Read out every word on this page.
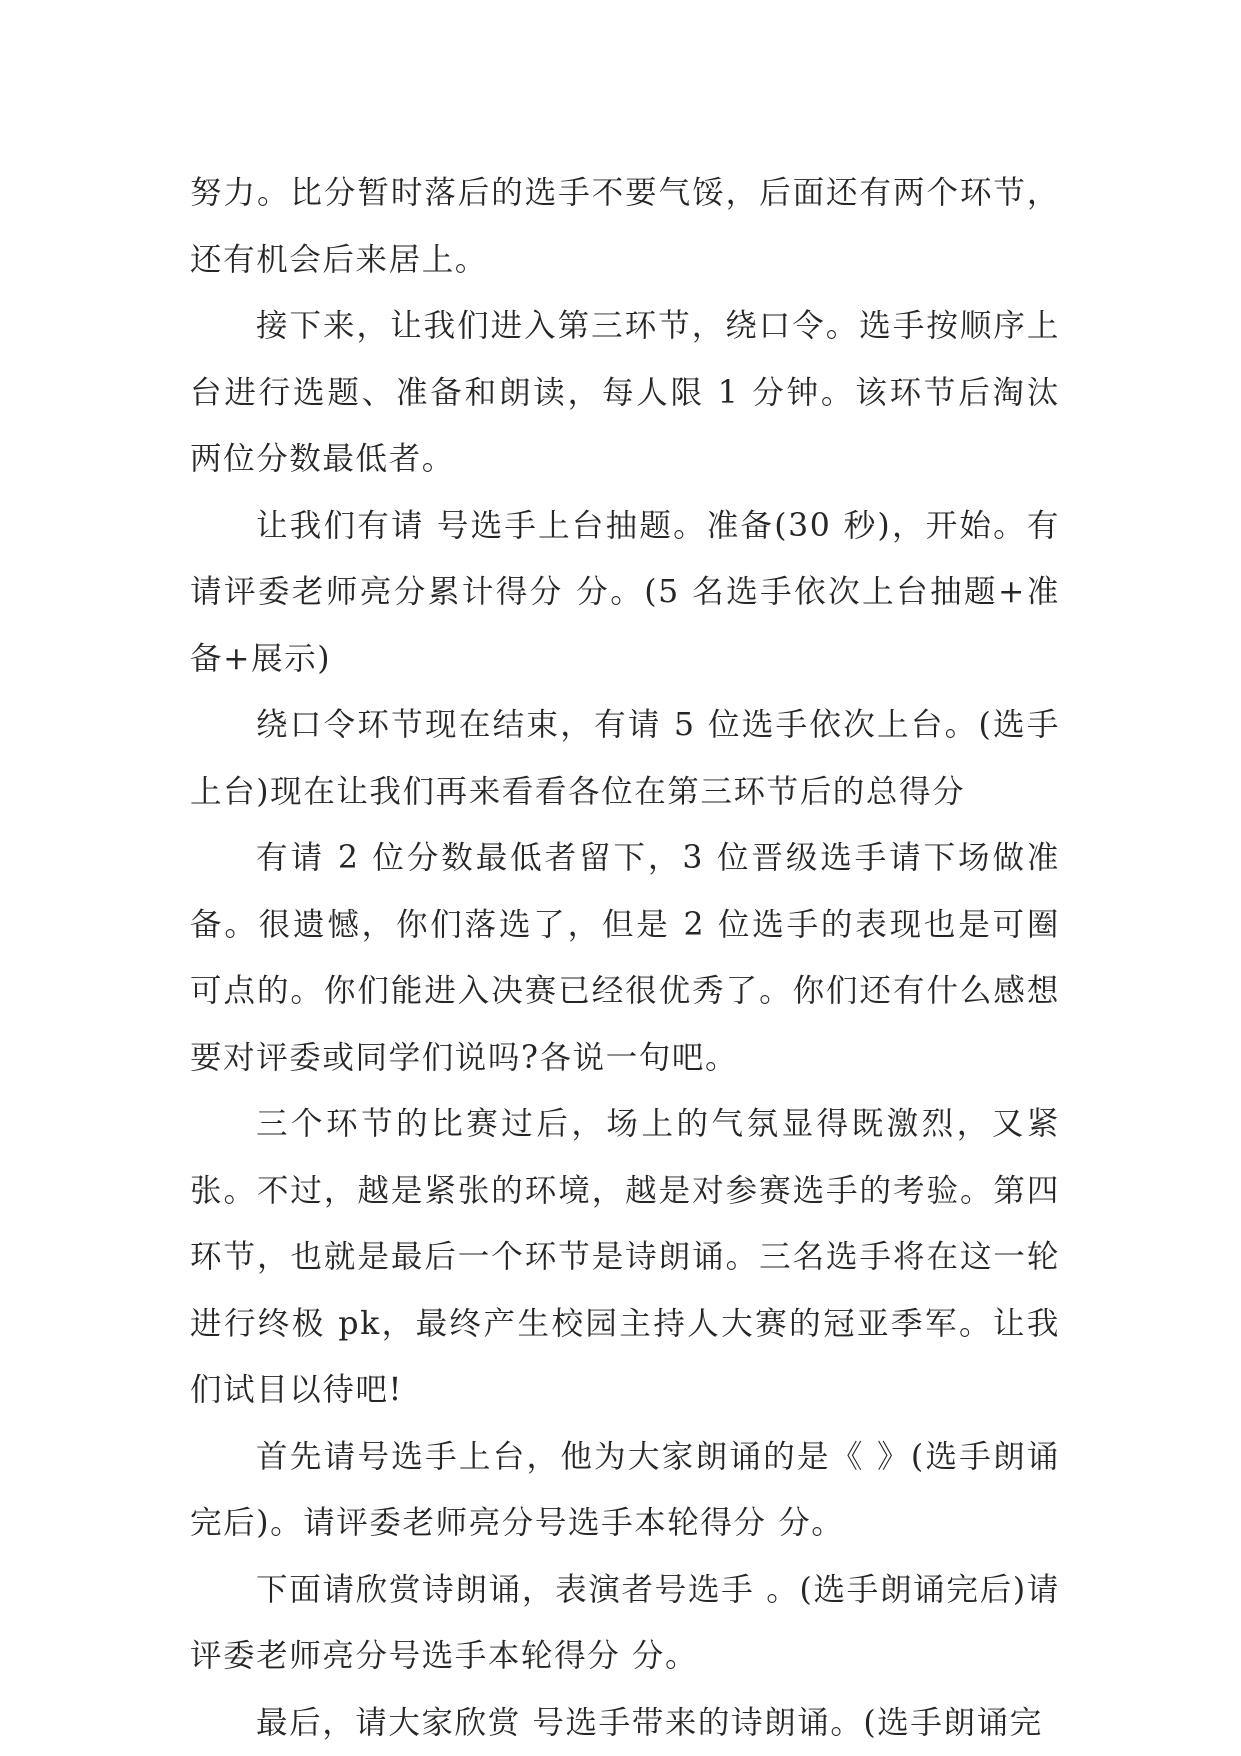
努力。比分暂时落后的选手不要气馁，后面还有两个环节，还有机会后来居上。

接下来，让我们进入第三环节，绕口令。选手按顺序上台进行选题、准备和朗读，每人限 1 分钟。该环节后淘汰两位分数最低者。

让我们有请 号选手上台抽题。准备(30 秒)，开始。有请评委老师亮分累计得分 分。(5 名选手依次上台抽题+准备+展示)

绕口令环节现在结束，有请 5 位选手依次上台。(选手上台)现在让我们再来看看各位在第三环节后的总得分

有请 2 位分数最低者留下，3 位晋级选手请下场做准备。很遗憾，你们落选了，但是 2 位选手的表现也是可圈可点的。你们能进入决赛已经很优秀了。你们还有什么感想要对评委或同学们说吗?各说一句吧。

三个环节的比赛过后，场上的气氛显得既激烈，又紧张。不过，越是紧张的环境，越是对参赛选手的考验。第四环节，也就是最后一个环节是诗朗诵。三名选手将在这一轮进行终极 pk，最终产生校园主持人大赛的冠亚季军。让我们试目以待吧!

首先请号选手上台，他为大家朗诵的是《 》(选手朗诵完后)。请评委老师亮分号选手本轮得分 分。

下面请欣赏诗朗诵，表演者号选手 。(选手朗诵完后)请评委老师亮分号选手本轮得分 分。

最后，请大家欣赏 号选手带来的诗朗诵。(选手朗诵完
